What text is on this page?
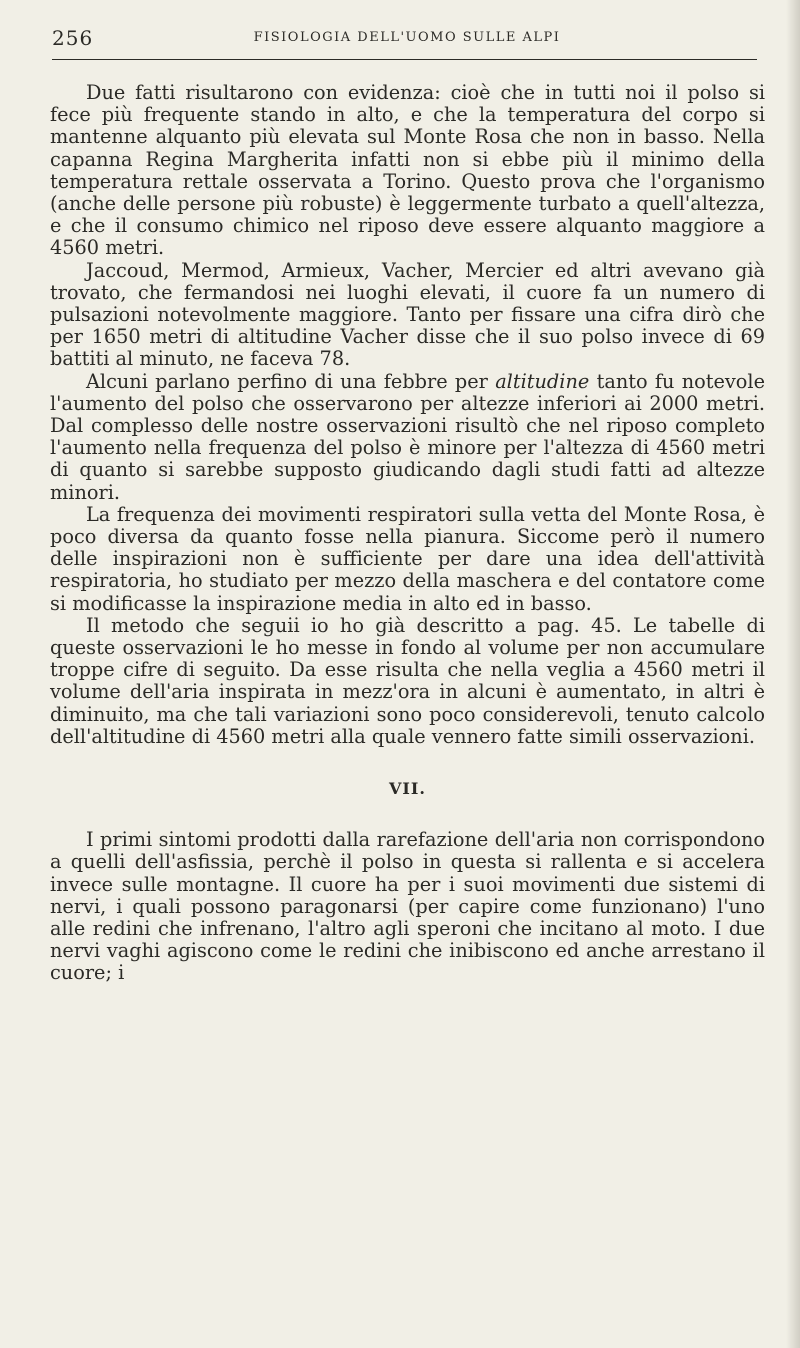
256	FISIOLOGIA DELL'UOMO SULLE ALPI

Due fatti risultarono con evidenza: cioè che in tutti noi il polso si fece più frequente stando in alto, e che la temperatura del corpo si mantenne alquanto più elevata sul Monte Rosa che non in basso. Nella capanna Regina Margherita infatti non si ebbe più il minimo della temperatura rettale osservata a Torino. Questo prova che l'organismo (anche delle persone più robuste) è leggermente turbato a quell'altezza, e che il consumo chimico nel riposo deve essere alquanto maggiore a 4560 metri.

Jaccoud, Mermod, Armieux, Vacher, Mercier ed altri avevano già trovato, che fermandosi nei luoghi elevati, il cuore fa un numero di pulsazioni notevolmente maggiore. Tanto per fissare una cifra dirò che per 1650 metri di altitudine Vacher disse che il suo polso invece di 69 battiti al minuto, ne faceva 78.

Alcuni parlano perfino di una febbre per altitudine tanto fu notevole l'aumento del polso che osservarono per altezze inferiori ai 2000 metri. Dal complesso delle nostre osservazioni risultò che nel riposo completo l'aumento nella frequenza del polso è minore per l'altezza di 4560 metri di quanto si sarebbe supposto giudicando dagli studi fatti ad altezze minori.

La frequenza dei movimenti respiratori sulla vetta del Monte Rosa, è poco diversa da quanto fosse nella pianura. Siccome però il numero delle inspirazioni non è sufficiente per dare una idea dell'attività respiratoria, ho studiato per mezzo della maschera e del contatore come si modificasse la inspirazione media in alto ed in basso.

Il metodo che seguii io ho già descritto a pag. 45. Le tabelle di queste osservazioni le ho messe in fondo al volume per non accumulare troppe cifre di seguito. Da esse risulta che nella veglia a 4560 metri il volume dell'aria inspirata in mezz'ora in alcuni è aumentato, in altri è diminuito, ma che tali variazioni sono poco considerevoli, tenuto calcolo dell'altitudine di 4560 metri alla quale vennero fatte simili osservazioni.

VII.

I primi sintomi prodotti dalla rarefazione dell'aria non corrispondono a quelli dell'asfissia, perchè il polso in questa si rallenta e si accelera invece sulle montagne. Il cuore ha per i suoi movimenti due sistemi di nervi, i quali possono paragonarsi (per capire come funzionano) l'uno alle redini che infrenano, l'altro agli speroni che incitano al moto. I due nervi vaghi agiscono come le redini che inibiscono ed anche arrestano il cuore; i
